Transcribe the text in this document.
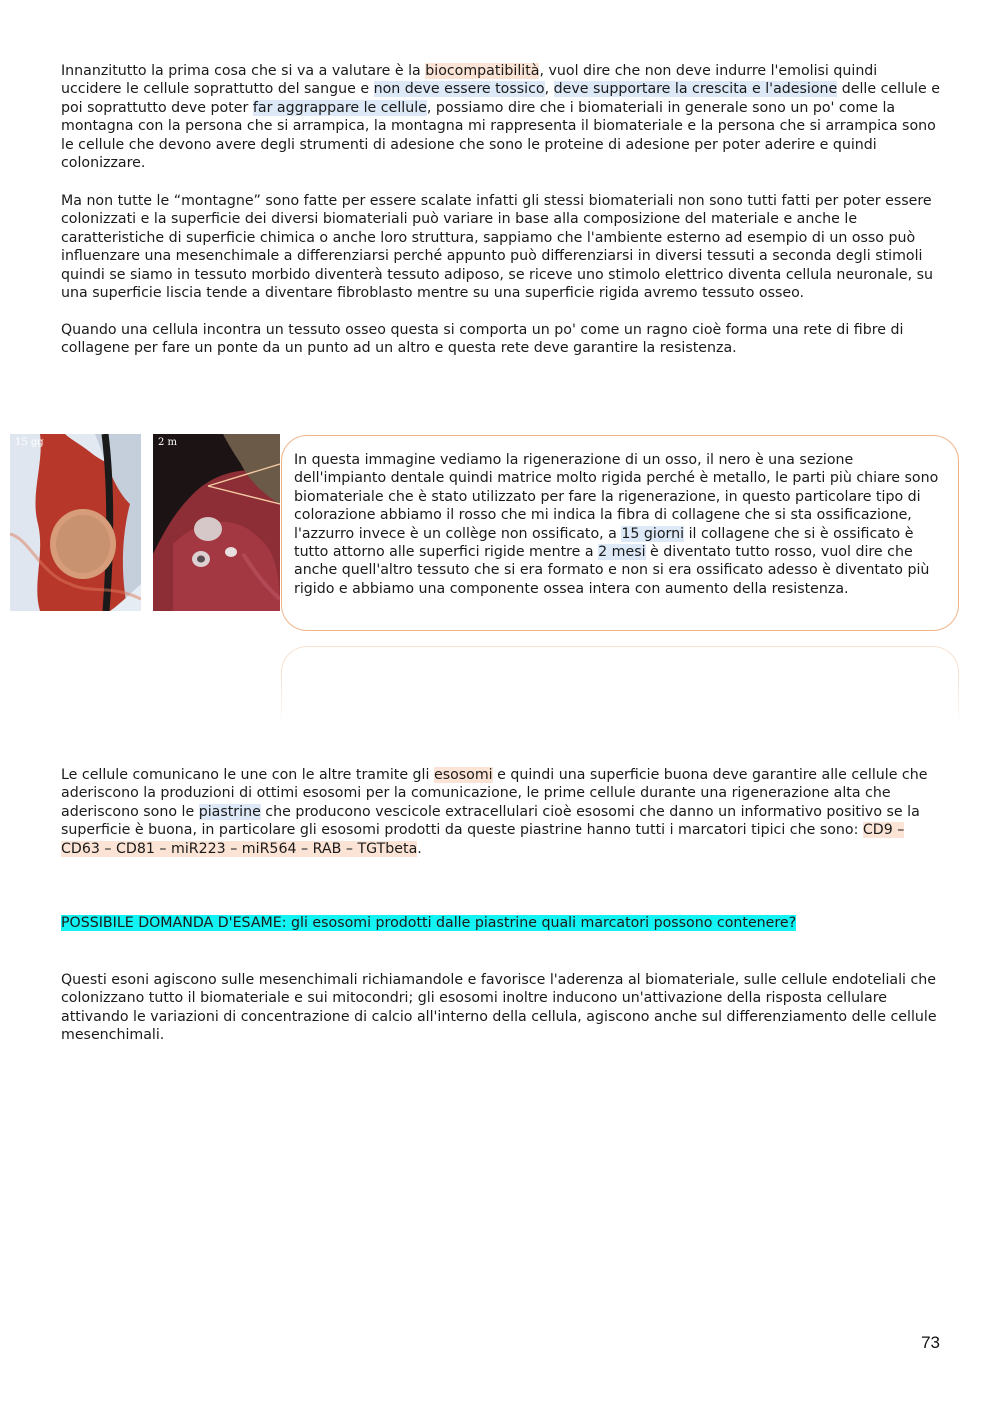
Innanzitutto la prima cosa che si va a valutare è la biocompatibilità, vuol dire che non deve indurre l'emolisi quindi uccidere le cellule soprattutto del sangue e non deve essere tossico, deve supportare la crescita e l'adesione delle cellule e poi soprattutto deve poter far aggrappare le cellule, possiamo dire che i biomateriali in generale sono un po' come la montagna con la persona che si arrampica, la montagna mi rappresenta il biomateriale e la persona che si arrampica sono le cellule che devono avere degli strumenti di adesione che sono le proteine di adesione per poter aderire e quindi colonizzare.

Ma non tutte le “montagne” sono fatte per essere scalate infatti gli stessi biomateriali non sono tutti fatti per poter essere colonizzati e la superficie dei diversi biomateriali può variare in base alla composizione del materiale e anche le caratteristiche di superficie chimica o anche loro struttura, sappiamo che l'ambiente esterno ad esempio di un osso può influenzare una mesenchimale a differenziarsi perché appunto può differenziarsi in diversi tessuti a seconda degli stimoli quindi se siamo in tessuto morbido diventerà tessuto adiposo, se riceve uno stimolo elettrico diventa cellula neuronale, su una superficie liscia tende a diventare fibroblasto mentre su una superficie rigida avremo tessuto osseo.

Quando una cellula incontra un tessuto osseo questa si comporta un po' come un ragno cioè forma una rete di fibre di collagene per fare un ponte da un punto ad un altro e questa rete deve garantire la resistenza.

15 gg	2 m

In questa immagine vediamo la rigenerazione di un osso, il nero è una sezione dell'impianto dentale quindi matrice molto rigida perché è metallo, le parti più chiare sono biomateriale che è stato utilizzato per fare la rigenerazione, in questo particolare tipo di colorazione abbiamo il rosso che mi indica la fibra di collagene che si sta ossificazione, l'azzurro invece è un collège non ossificato, a 15 giorni il collagene che si è ossificato è tutto attorno alle superfici rigide mentre a 2 mesi è diventato tutto rosso, vuol dire che anche quell'altro tessuto che si era formato e non si era ossificato adesso è diventato più rigido e abbiamo una componente ossea intera con aumento della resistenza.

Le cellule comunicano le une con le altre tramite gli esosomi e quindi una superficie buona deve garantire alle cellule che aderiscono la produzioni di ottimi esosomi per la comunicazione, le prime cellule durante una rigenerazione alta che aderiscono sono le piastrine che producono vescicole extracellulari cioè esosomi che danno un informativo positivo se la superficie è buona, in particolare gli esosomi prodotti da queste piastrine hanno tutti i marcatori tipici che sono: CD9 – CD63 – CD81 – miR223 – miR564 – RAB – TGTbeta.

POSSIBILE DOMANDA D'ESAME: gli esosomi prodotti dalle piastrine quali marcatori possono contenere?

Questi esoni agiscono sulle mesenchimali richiamandole e favorisce l'aderenza al biomateriale, sulle cellule endoteliali che colonizzano tutto il biomateriale e sui mitocondri; gli esosomi inoltre inducono un'attivazione della risposta cellulare attivando le variazioni di concentrazione di calcio all'interno della cellula, agiscono anche sul differenziamento delle cellule mesenchimali.

73
